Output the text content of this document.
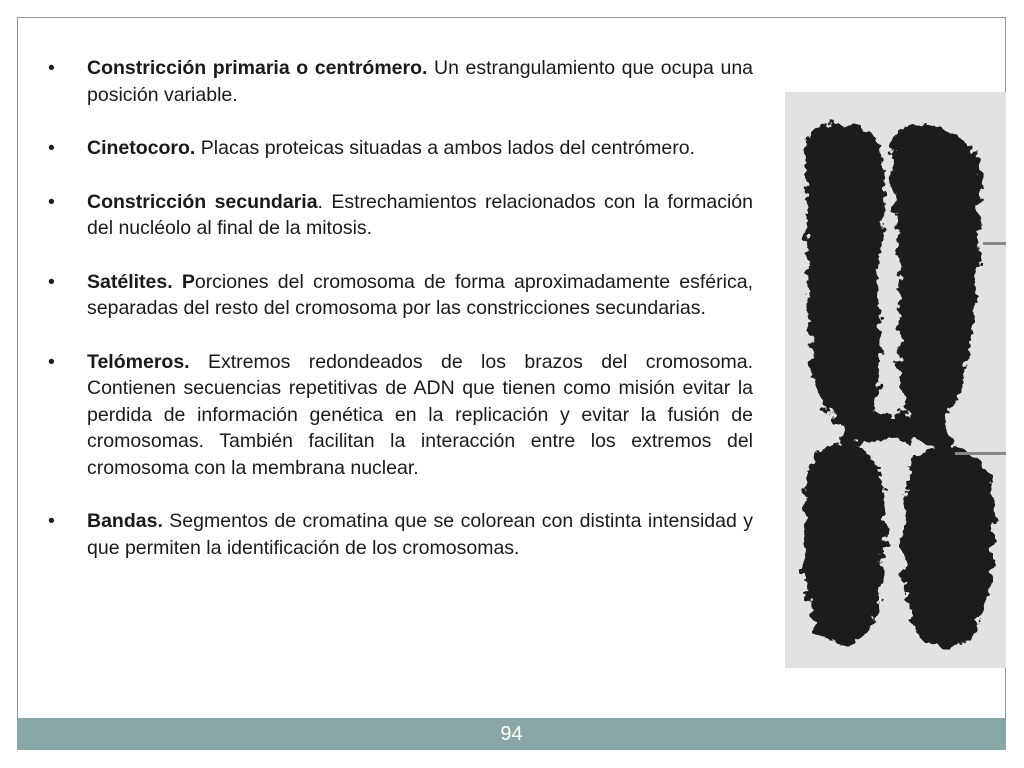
• Constricción primaria o centrómero. Un estrangulamiento que ocupa una posición variable.
• Cinetocoro. Placas proteicas situadas a ambos lados del centrómero.
• Constricción secundaria. Estrechamientos relacionados con la formación del nucléolo al final de la mitosis.
• Satélites. Porciones del cromosoma de forma aproximadamente esférica, separadas del resto del cromosoma por las constricciones secundarias.
• Telómeros. Extremos redondeados de los brazos del cromosoma. Contienen secuencias repetitivas de ADN que tienen como misión evitar la perdida de información genética en la replicación y evitar la fusión de cromosomas. También facilitan la interacción entre los extremos del cromosoma con la membrana nuclear.
• Bandas. Segmentos de cromatina que se colorean con distinta intensidad y que permiten la identificación de los cromosomas.
94
